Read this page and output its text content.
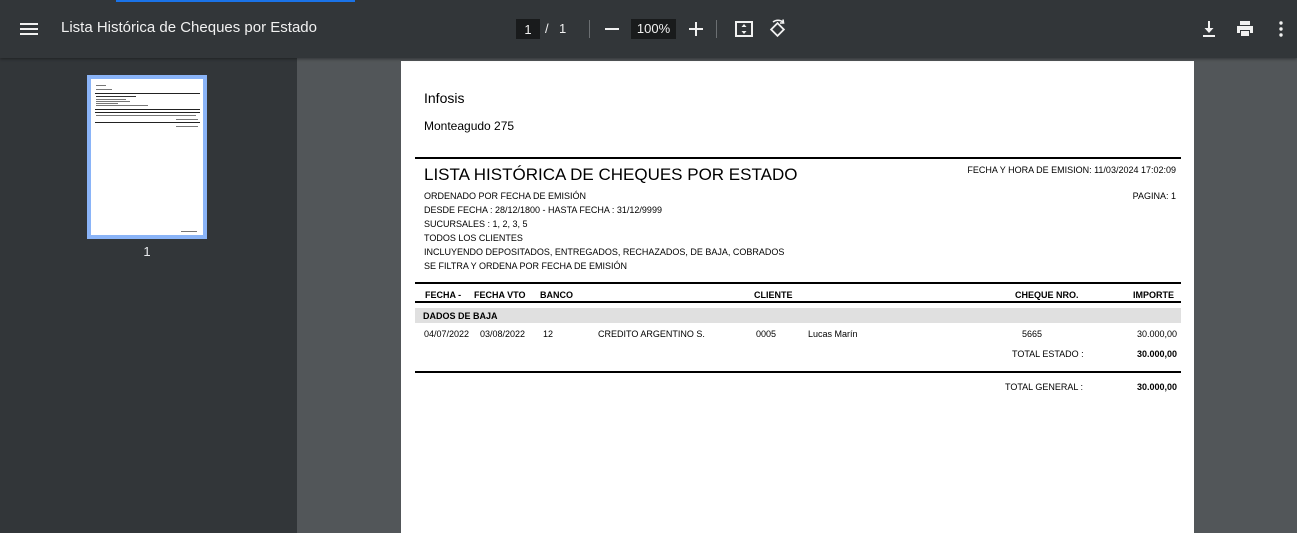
Lista Histórica de Cheques por Estado
1	/ 1	100%
1
Infosis
Monteagudo 275
LISTA HISTÓRICA DE CHEQUES POR ESTADO	FECHA Y HORA DE EMISION: 11/03/2024 17:02:09
PAGINA: 1
ORDENADO POR FECHA DE EMISIÓN
DESDE FECHA : 28/12/1800 - HASTA FECHA : 31/12/9999
SUCURSALES : 1, 2, 3, 5
TODOS LOS CLIENTES
INCLUYENDO DEPOSITADOS, ENTREGADOS, RECHAZADOS, DE BAJA, COBRADOS
SE FILTRA Y ORDENA POR FECHA DE EMISIÓN
FECHA - FECHA VTO BANCO	CLIENTE	CHEQUE NRO.	IMPORTE
DADOS DE BAJA
04/07/2022 03/08/2022 12	CREDITO ARGENTINO S.	0005	Lucas Marín	5665	30.000,00
TOTAL ESTADO :	30.000,00
TOTAL GENERAL :	30.000,00
